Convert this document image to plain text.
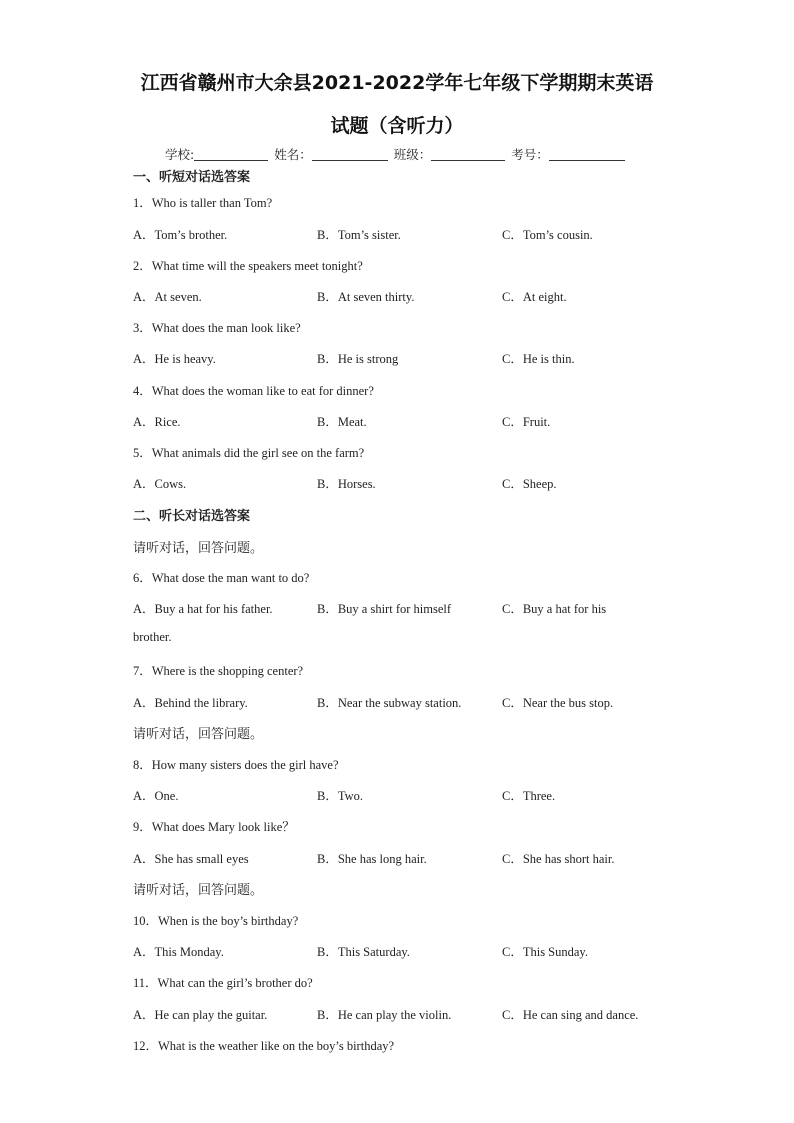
江西省赣州市大余县2021-2022学年七年级下学期期末英语
试题（含听力）
学校:	姓名：	班级：	考号：
一、听短对话选答案
1．Who is taller than Tom?
A．Tom’s brother.	B．Tom’s sister.	C．Tom’s cousin.
2．What time will the speakers meet tonight?
A．At seven.	B．At seven thirty.	C．At eight.
3．What does the man look like?
A．He is heavy.	B．He is strong	C．He is thin.
4．What does the woman like to eat for dinner?
A．Rice.	B．Meat.	C．Fruit.
5．What animals did the girl see on the farm?
A．Cows.	B．Horses.	C．Sheep.
二、听长对话选答案
请听对话，回答问题。
6．What dose the man want to do?
A．Buy a hat for his father.	B．Buy a shirt for himself	C．Buy a hat for his
brother.
7．Where is the shopping center?
A．Behind the library.	B．Near the subway station.	C．Near the bus stop.
请听对话，回答问题。
8．How many sisters does the girl have?
A．One.	B．Two.	C．Three.
9．What does Mary look like？
A．She has small eyes	B．She has long hair.	C．She has short hair.
请听对话，回答问题。
10．When is the boy’s birthday?
A．This Monday.	B．This Saturday.	C．This Sunday.
11．What can the girl’s brother do?
A．He can play the guitar.	B．He can play the violin.	C．He can sing and dance.
12．What is the weather like on the boy’s birthday?
